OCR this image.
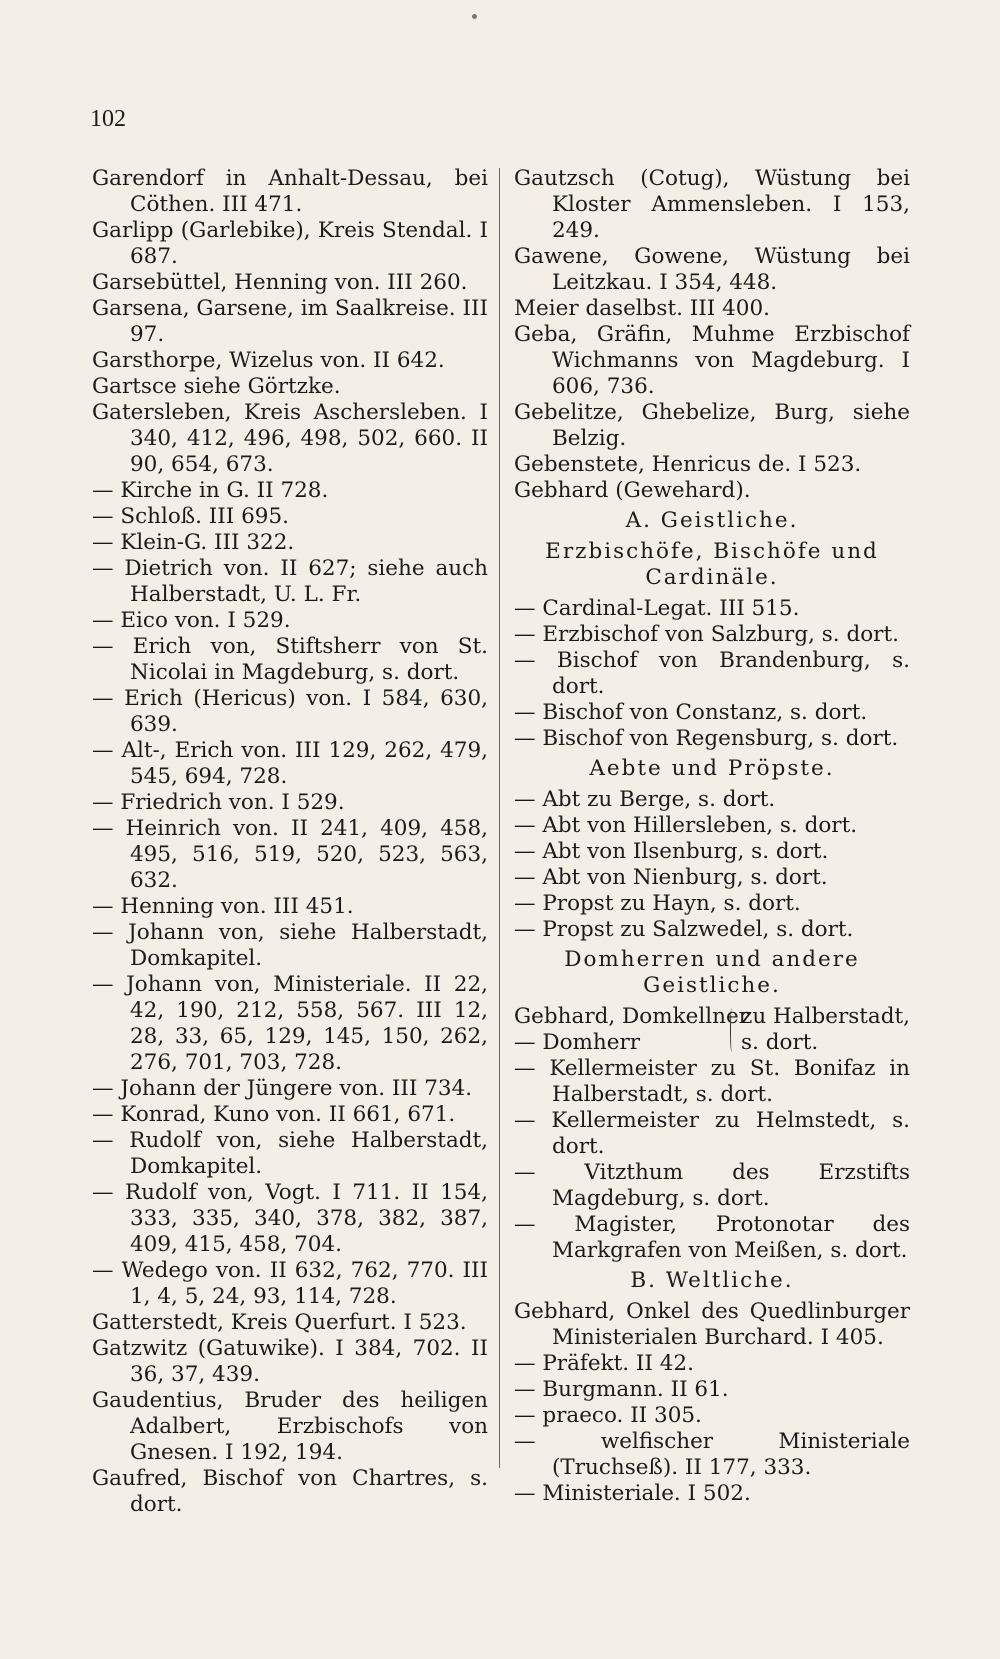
102

Garendorf in Anhalt-Dessau, bei Cöthen. III 471.

Garlipp (Garlebike), Kreis Stendal. I 687.

Garsebüttel, Henning von. III 260.

Garsena, Garsene, im Saalkreise. III 97.

Garsthorpe, Wizelus von. II 642.

Gartsce siehe Görtzke.

Gatersleben, Kreis Aschersleben. I 340, 412, 496, 498, 502, 660. II 90, 654, 673.

— Kirche in G. II 728.

— Schloß. III 695.

— Klein-G. III 322.

— Dietrich von. II 627; siehe auch Halberstadt, U. L. Fr.

— Eico von. I 529.

— Erich von, Stiftsherr von St. Nicolai in Magdeburg, s. dort.

— Erich (Hericus) von. I 584, 630, 639.

— Alt-, Erich von. III 129, 262, 479, 545, 694, 728.

— Friedrich von. I 529.

— Heinrich von. II 241, 409, 458, 495, 516, 519, 520, 523, 563, 632.

— Henning von. III 451.

— Johann von, siehe Halberstadt, Domkapitel.

— Johann von, Ministeriale. II 22, 42, 190, 212, 558, 567. III 12, 28, 33, 65, 129, 145, 150, 262, 276, 701, 703, 728.

— Johann der Jüngere von. III 734.

— Konrad, Kuno von. II 661, 671.

— Rudolf von, siehe Halberstadt, Domkapitel.

— Rudolf von, Vogt. I 711. II 154, 333, 335, 340, 378, 382, 387, 409, 415, 458, 704.

— Wedego von. II 632, 762, 770. III 1, 4, 5, 24, 93, 114, 728.

Gatterstedt, Kreis Querfurt. I 523.

Gatzwitz (Gatuwike). I 384, 702. II 36, 37, 439.

Gaudentius, Bruder des heiligen Adalbert, Erzbischofs von Gnesen. I 192, 194.

Gaufred, Bischof von Chartres, s. dort.

Gautzsch (Cotug), Wüstung bei Kloster Ammensleben. I 153, 249.

Gawene, Gowene, Wüstung bei Leitzkau. I 354, 448.

Meier daselbst. III 400.

Geba, Gräfin, Muhme Erzbischof Wichmanns von Magdeburg. I 606, 736.

Gebelitze, Ghebelize, Burg, siehe Belzig.

Gebenstete, Henricus de. I 523.

Gebhard (Gewehard).

A. Geistliche.
Erzbischöfe, Bischöfe und Cardinäle.

— Cardinal-Legat. III 515.

— Erzbischof von Salzburg, s. dort.

— Bischof von Brandenburg, s. dort.

— Bischof von Constanz, s. dort.

— Bischof von Regensburg, s. dort.

Aebte und Pröpste.

— Abt zu Berge, s. dort.

— Abt von Hillersleben, s. dort.

— Abt von Ilsenburg, s. dort.

— Abt von Nienburg, s. dort.

— Propst zu Hayn, s. dort.

— Propst zu Salzwedel, s. dort.

Domherren und andere Geistliche.
Gebhard, Domkellner
— Domherr
zu Halberstadt,
s. dort.

— Kellermeister zu St. Bonifaz in Halberstadt, s. dort.

— Kellermeister zu Helmstedt, s. dort.

— Vitzthum des Erzstifts Magdeburg, s. dort.

— Magister, Protonotar des Markgrafen von Meißen, s. dort.

B. Weltliche.

Gebhard, Onkel des Quedlinburger Ministerialen Burchard. I 405.

— Präfekt. II 42.

— Burgmann. II 61.

— praeco. II 305.

— welfischer Ministeriale (Truchseß). II 177, 333.

— Ministeriale. I 502.
